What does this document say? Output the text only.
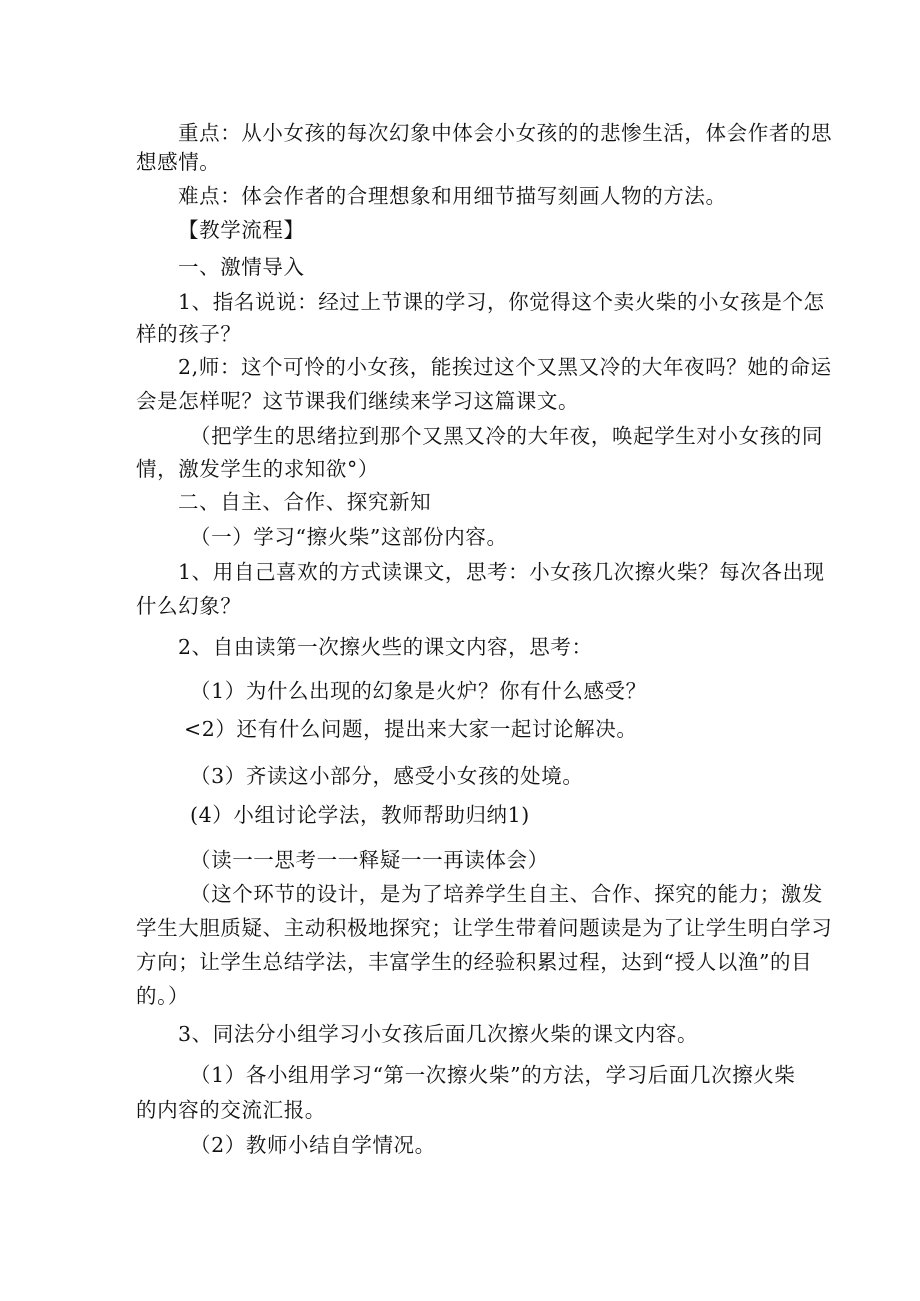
重点：从小女孩的每次幻象中体会小女孩的的悲惨生活，体会作者的思
想感情。
难点：体会作者的合理想象和用细节描写刻画人物的方法。
【教学流程】
一、激情导入
1、指名说说：经过上节课的学习，你觉得这个卖火柴的小女孩是个怎
样的孩子？
2,师：这个可怜的小女孩，能挨过这个又黑又冷的大年夜吗？她的命运
会是怎样呢？这节课我们继续来学习这篇课文。
（把学生的思绪拉到那个又黑又冷的大年夜，唤起学生对小女孩的同
情，激发学生的求知欲°）
二、自主、合作、探究新知
（一）学习“擦火柴”这部份内容。
1、用自己喜欢的方式读课文，思考：小女孩几次擦火柴？每次各出现
什么幻象？
2、自由读第一次擦火些的课文内容，思考：
（1）为什么出现的幻象是火炉？你有什么感受？
<2）还有什么问题，提出来大家一起讨论解决。
（3）齐读这小部分，感受小女孩的处境。
(4）小组讨论学法，教师帮助归纳1)
（读一一思考一一释疑一一再读体会）
（这个环节的设计，是为了培养学生自主、合作、探究的能力；激发
学生大胆质疑、主动积极地探究；让学生带着问题读是为了让学生明白学习
方向；让学生总结学法，丰富学生的经验积累过程，达到“授人以渔”的目
的。）
3、同法分小组学习小女孩后面几次擦火柴的课文内容。
（1）各小组用学习“第一次擦火柴”的方法，学习后面几次擦火柴
的内容的交流汇报。
（2）教师小结自学情况。
